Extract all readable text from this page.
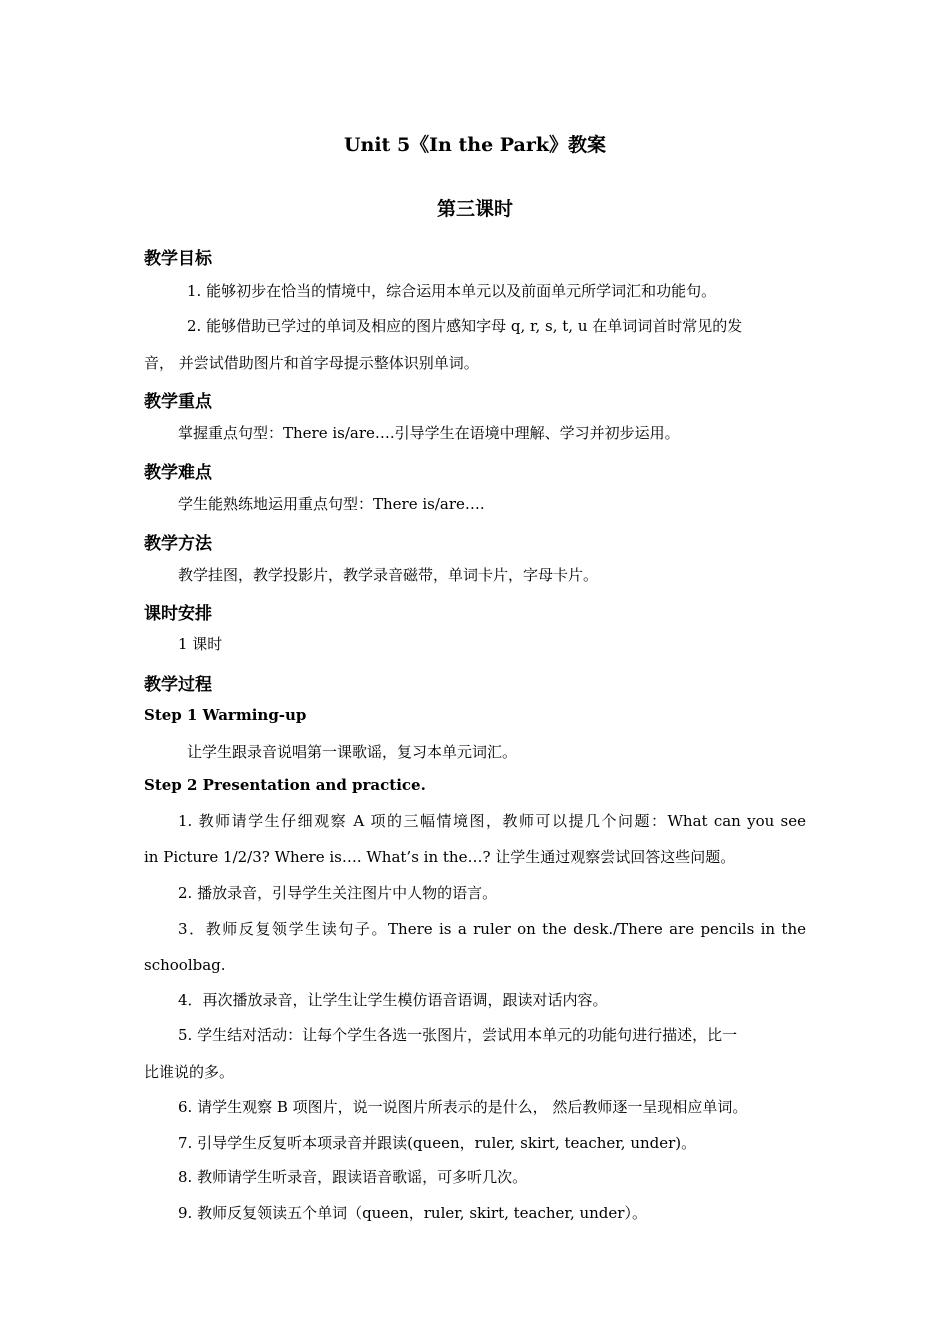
Unit 5《In the Park》教案
第三课时
教学目标
1. 能够初步在恰当的情境中，综合运用本单元以及前面单元所学词汇和功能句。
2. 能够借助已学过的单词及相应的图片感知字母 q, r, s, t, u 在单词词首时常见的发
音， 并尝试借助图片和首字母提示整体识别单词。
教学重点
掌握重点句型：There is/are….引导学生在语境中理解、学习并初步运用。
教学难点
学生能熟练地运用重点句型：There is/are….
教学方法
教学挂图，教学投影片，教学录音磁带，单词卡片，字母卡片。
课时安排
1 课时
教学过程
Step 1 Warming-up
让学生跟录音说唱第一课歌谣，复习本单元词汇。
Step 2 Presentation and practice.
1. 教师请学生仔细观察 A 项的三幅情境图，教师可以提几个问题：What can you see
in Picture 1/2/3? Where is…. What’s in the…? 让学生通过观察尝试回答这些问题。
2. 播放录音，引导学生关注图片中人物的语言。
3．教师反复领学生读句子。There is a ruler on the desk./There are pencils in the
schoolbag.
4．再次播放录音，让学生让学生模仿语音语调，跟读对话内容。
5. 学生结对活动：让每个学生各选一张图片，尝试用本单元的功能句进行描述，比一
比谁说的多。
6. 请学生观察 B 项图片，说一说图片所表示的是什么， 然后教师逐一呈现相应单词。
7. 引导学生反复听本项录音并跟读(queen，ruler, skirt, teacher, under)。
8. 教师请学生听录音，跟读语音歌谣，可多听几次。
9. 教师反复领读五个单词（queen，ruler, skirt, teacher, under）。
